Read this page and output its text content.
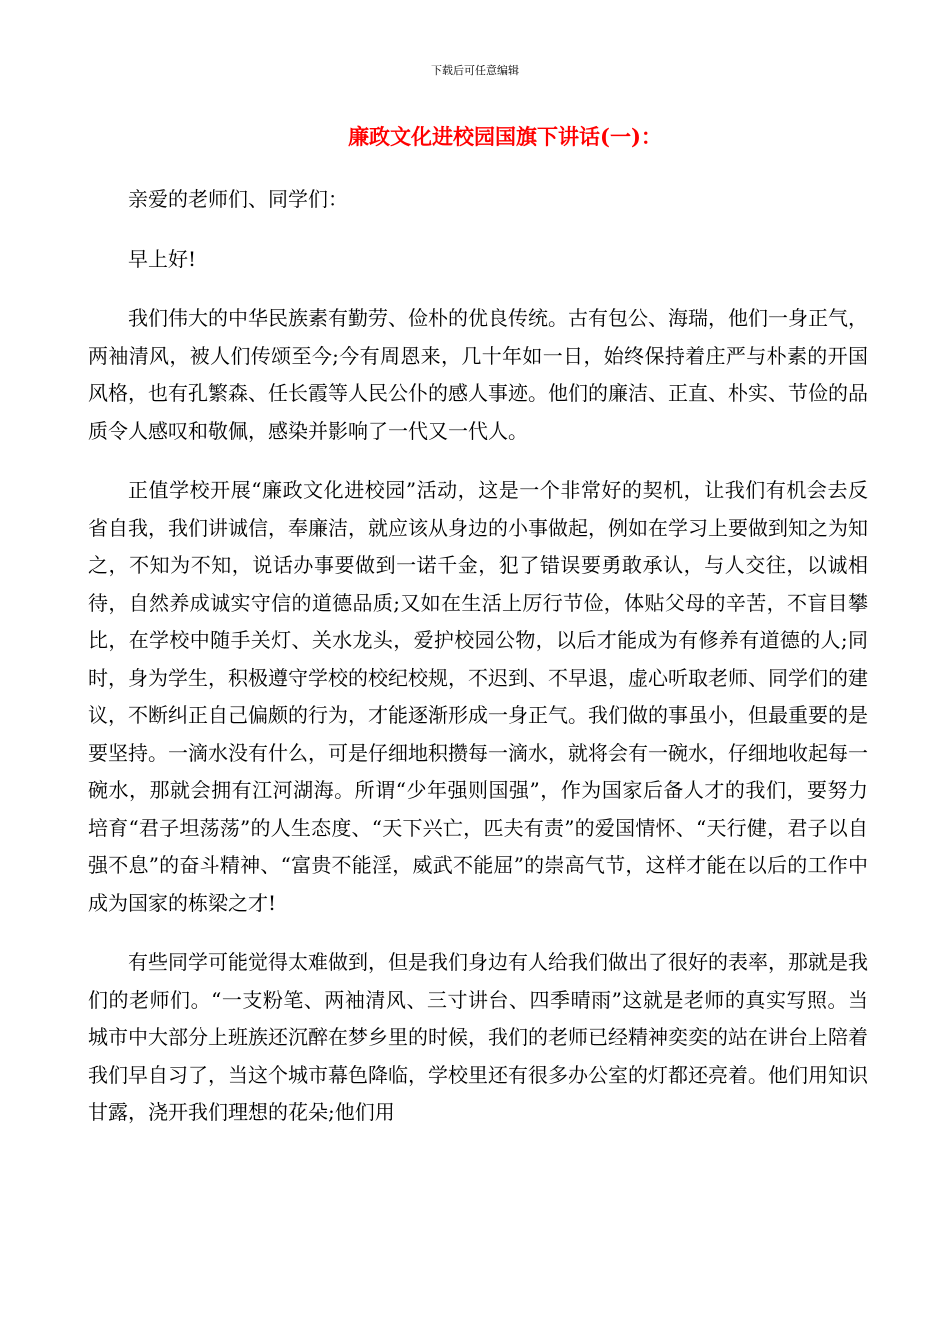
下载后可任意编辑
廉政文化进校园国旗下讲话(一)：

亲爱的老师们、同学们：

早上好!

我们伟大的中华民族素有勤劳、俭朴的优良传统。古有包公、海瑞，他们一身正气，两袖清风，被人们传颂至今;今有周恩来，几十年如一日，始终保持着庄严与朴素的开国风格，也有孔繁森、任长霞等人民公仆的感人事迹。他们的廉洁、正直、朴实、节俭的品质令人感叹和敬佩，感染并影响了一代又一代人。

正值学校开展“廉政文化进校园”活动，这是一个非常好的契机，让我们有机会去反省自我，我们讲诚信，奉廉洁，就应该从身边的小事做起，例如在学习上要做到知之为知之，不知为不知，说话办事要做到一诺千金，犯了错误要勇敢承认，与人交往，以诚相待，自然养成诚实守信的道德品质;又如在生活上厉行节俭，体贴父母的辛苦，不盲目攀比，在学校中随手关灯、关水龙头，爱护校园公物，以后才能成为有修养有道德的人;同时，身为学生，积极遵守学校的校纪校规，不迟到、不早退，虚心听取老师、同学们的建议，不断纠正自己偏颇的行为，才能逐渐形成一身正气。我们做的事虽小，但最重要的是要坚持。一滴水没有什么，可是仔细地积攒每一滴水，就将会有一碗水，仔细地收起每一碗水，那就会拥有江河湖海。所谓“少年强则国强”，作为国家后备人才的我们，要努力培育“君子坦荡荡”的人生态度、“天下兴亡，匹夫有责”的爱国情怀、“天行健，君子以自强不息”的奋斗精神、“富贵不能淫，威武不能屈”的崇高气节，这样才能在以后的工作中成为国家的栋梁之才!

有些同学可能觉得太难做到，但是我们身边有人给我们做出了很好的表率，那就是我们的老师们。“一支粉笔、两袖清风、三寸讲台、四季晴雨”这就是老师的真实写照。当城市中大部分上班族还沉醉在梦乡里的时候，我们的老师已经精神奕奕的站在讲台上陪着我们早自习了，当这个城市幕色降临，学校里还有很多办公室的灯都还亮着。他们用知识甘露，浇开我们理想的花朵;他们用
